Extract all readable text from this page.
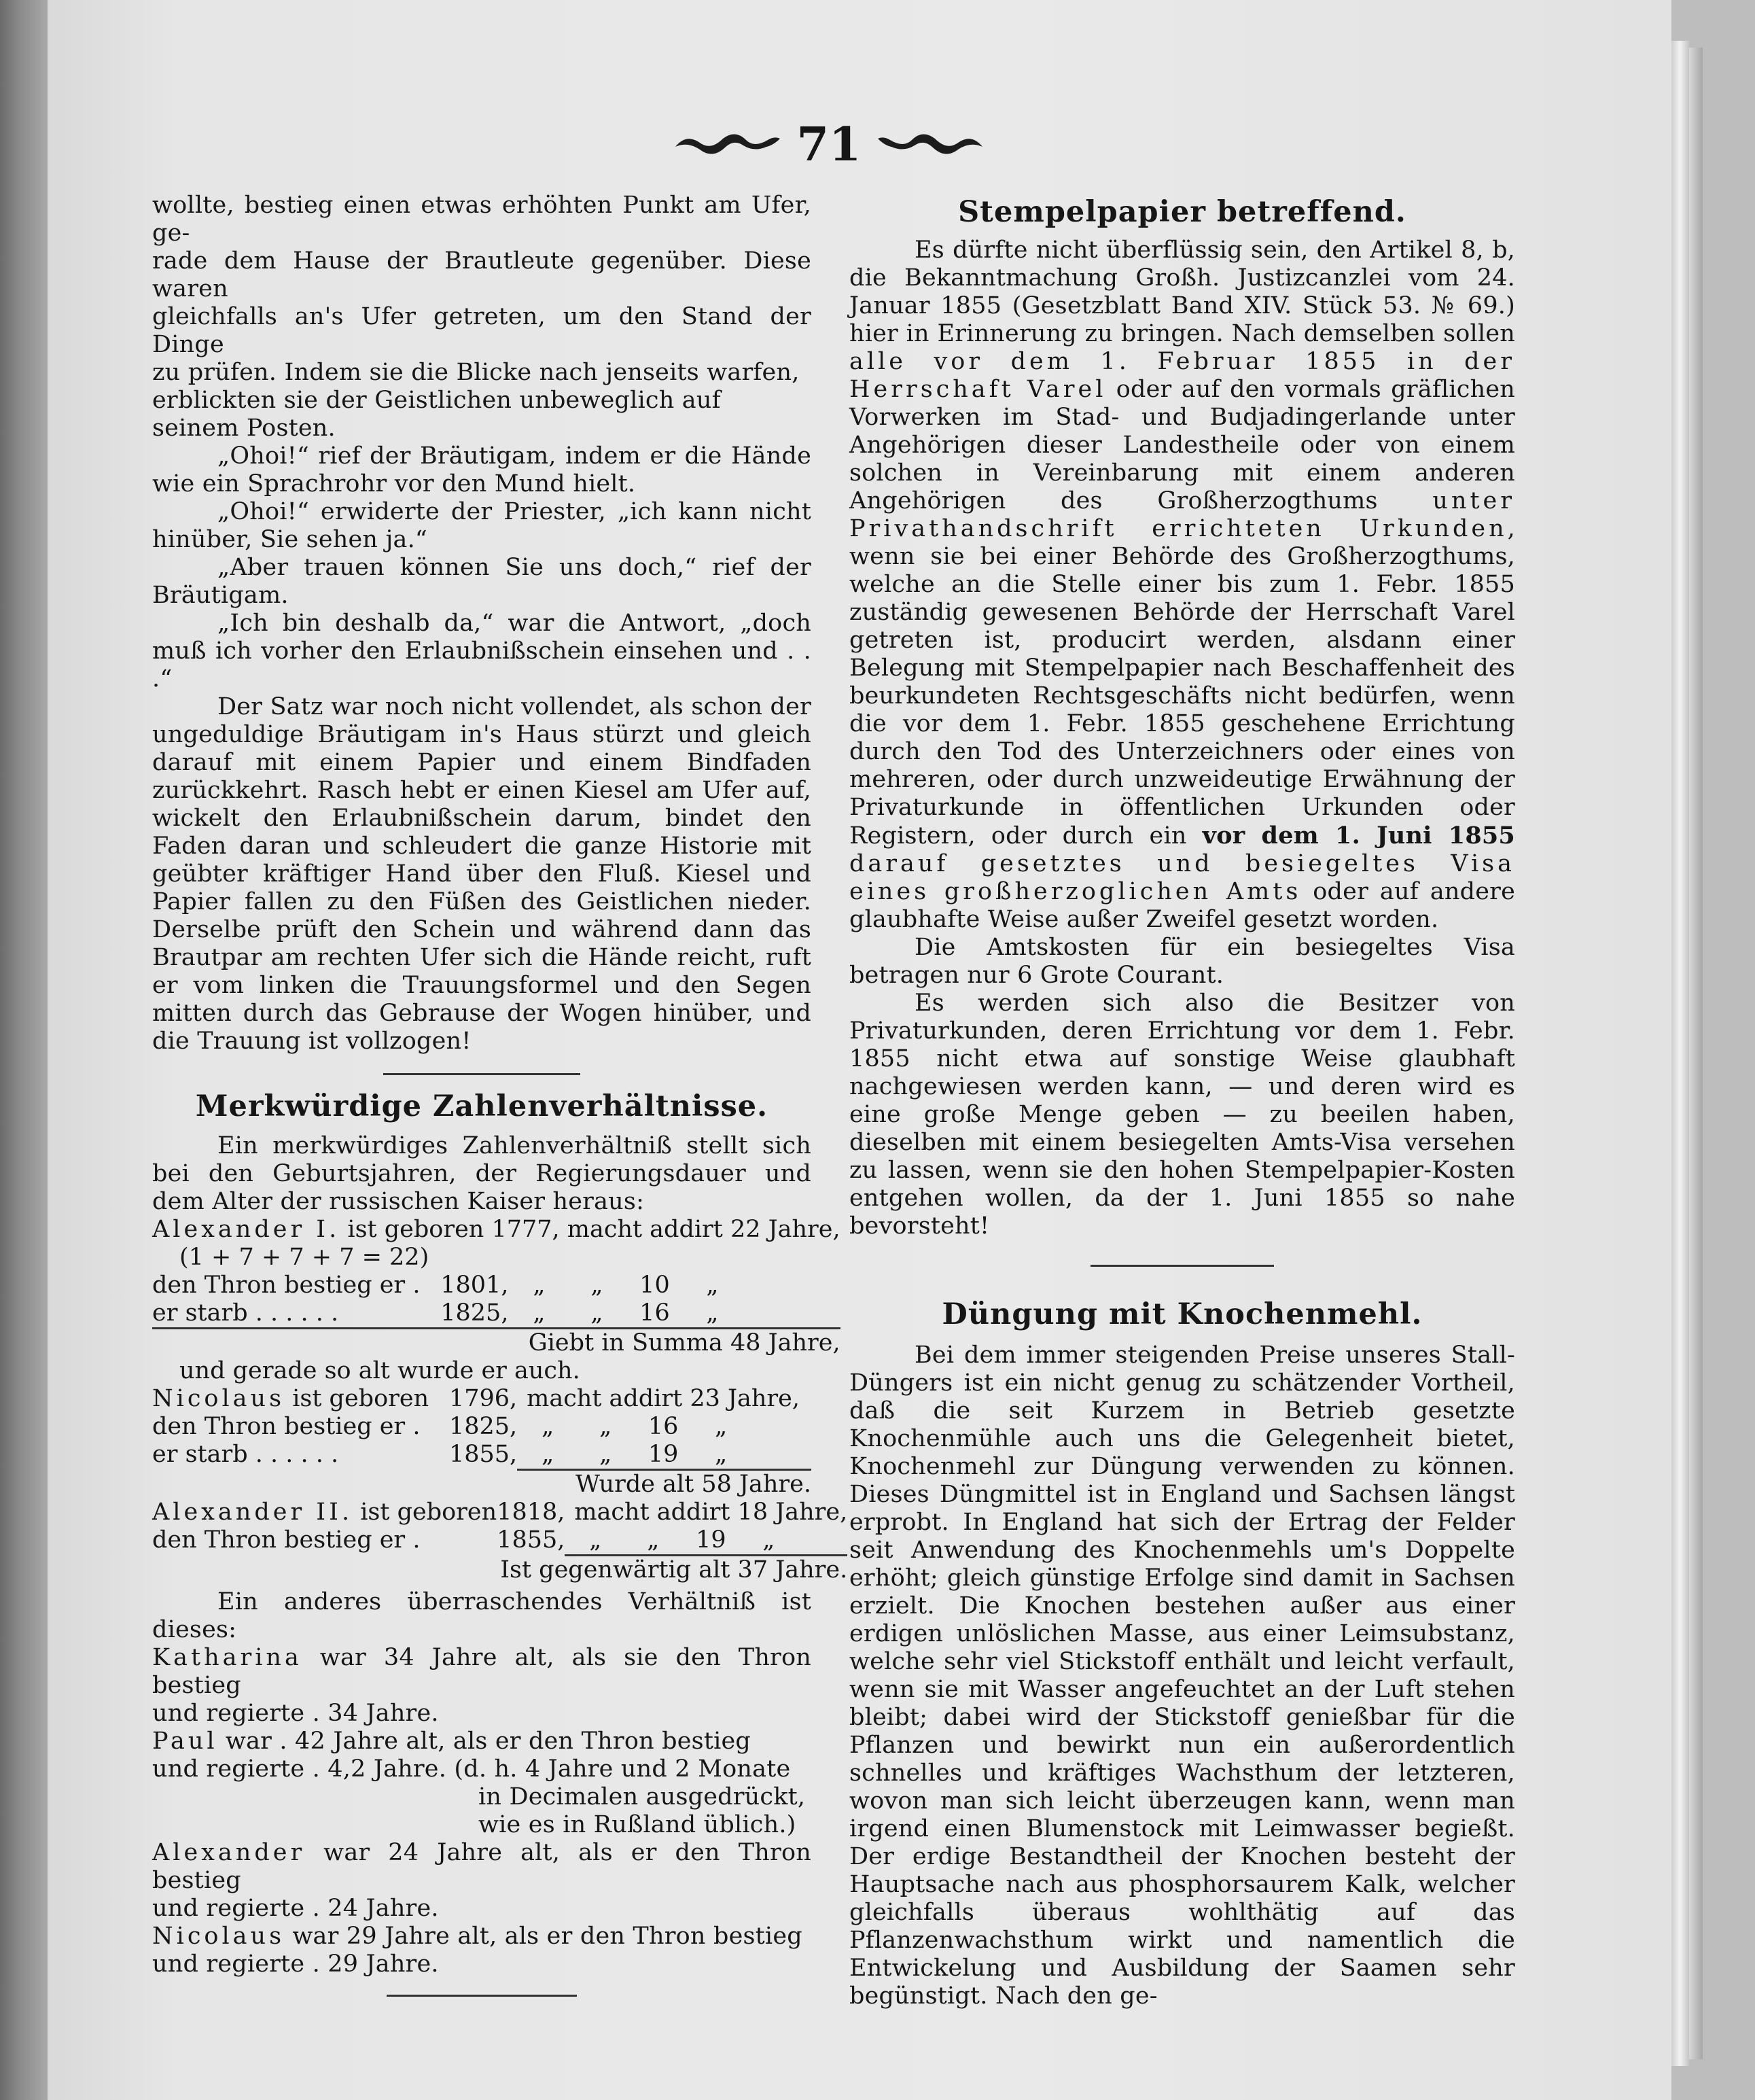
71

wollte, bestieg einen etwas erhöhten Punkt am Ufer, ge-

rade dem Hause der Brautleute gegenüber. Diese waren

gleichfalls an's Ufer getreten, um den Stand der Dinge

zu prüfen. Indem sie die Blicke nach jenseits warfen,

erblickten sie der Geistlichen unbeweglich auf seinem Posten.

„Ohoi!“ rief der Bräutigam, indem er die Hände wie ein Sprachrohr vor den Mund hielt.

„Ohoi!“ erwiderte der Priester, „ich kann nicht hinüber, Sie sehen ja.“

„Aber trauen können Sie uns doch,“ rief der Bräutigam.

„Ich bin deshalb da,“ war die Antwort, „doch muß ich vorher den Erlaubnißschein einsehen und . . .“

Der Satz war noch nicht vollendet, als schon der ungeduldige Bräutigam in's Haus stürzt und gleich darauf mit einem Papier und einem Bindfaden zurückkehrt. Rasch hebt er einen Kiesel am Ufer auf, wickelt den Erlaubnißschein darum, bindet den Faden daran und schleudert die ganze Historie mit geübter kräftiger Hand über den Fluß. Kiesel und Papier fallen zu den Füßen des Geistlichen nieder. Derselbe prüft den Schein und während dann das Brautpar am rechten Ufer sich die Hände reicht, ruft er vom linken die Trauungsformel und den Segen mitten durch das Gebrause der Wogen hinüber, und die Trauung ist vollzogen!

Merkwürdige Zahlenverhältnisse.

Ein merkwürdiges Zahlenverhältniß stellt sich bei den Geburtsjahren, der Regierungsdauer und dem Alter der russischen Kaiser heraus:

Alexander I. ist geboren 1777, macht addirt 22 Jahre,						
(1 + 7 + 7 + 7 = 22)						
den Thron bestieg er .	1801,	„	„	10	„	
er starb . . . . . .	1825,	„	„	16	„	
Giebt in Summa 48 Jahre,						
und gerade so alt wurde er auch.						
Nicolaus ist geboren	1796,	macht addirt 23 Jahre,				
den Thron bestieg er .	1825,	„	„	16	„	
er starb . . . . . .	1855,	„	„	19	„	
Wurde alt 58 Jahre.						
Alexander II. ist geboren	1818,	macht addirt 18 Jahre,				
den Thron bestieg er .	1855,	„	„	19	„	
Ist gegenwärtig alt 37 Jahre.						

Ein anderes überraschendes Verhältniß ist dieses:

Katharina war 34 Jahre alt, als sie den Thron bestieg

und regierte . 34 Jahre.

Paul war . 42 Jahre alt, als er den Thron bestieg

und regierte . 4,2 Jahre. (d. h. 4 Jahre und 2 Monate

in Decimalen ausgedrückt,

wie es in Rußland üblich.)

Alexander war 24 Jahre alt, als er den Thron bestieg

und regierte . 24 Jahre.

Nicolaus war 29 Jahre alt, als er den Thron bestieg

und regierte . 29 Jahre.

Stempelpapier betreffend.

Es dürfte nicht überflüssig sein, den Artikel 8, b, die Bekanntmachung Großh. Justizcanzlei vom 24. Januar 1855 (Gesetzblatt Band XIV. Stück 53. № 69.) hier in Erinnerung zu bringen. Nach demselben sollen alle vor dem 1. Februar 1855 in der Herrschaft Varel oder auf den vormals gräflichen Vorwerken im Stad- und Budjadingerlande unter Angehörigen dieser Landestheile oder von einem solchen in Vereinbarung mit einem anderen Angehörigen des Großherzogthums unter Privathandschrift errichteten Urkunden, wenn sie bei einer Behörde des Großherzogthums, welche an die Stelle einer bis zum 1. Febr. 1855 zuständig gewesenen Behörde der Herrschaft Varel getreten ist, producirt werden, alsdann einer Belegung mit Stempelpapier nach Beschaffenheit des beurkundeten Rechtsgeschäfts nicht bedürfen, wenn die vor dem 1. Febr. 1855 geschehene Errichtung durch den Tod des Unterzeichners oder eines von mehreren, oder durch unzweideutige Erwähnung der Privaturkunde in öffentlichen Urkunden oder Registern, oder durch ein vor dem 1. Juni 1855 darauf gesetztes und besiegeltes Visa eines großherzoglichen Amts oder auf andere glaubhafte Weise außer Zweifel gesetzt worden.

Die Amtskosten für ein besiegeltes Visa betragen nur 6 Grote Courant.

Es werden sich also die Besitzer von Privaturkunden, deren Errichtung vor dem 1. Febr. 1855 nicht etwa auf sonstige Weise glaubhaft nachgewiesen werden kann, — und deren wird es eine große Menge geben — zu beeilen haben, dieselben mit einem besiegelten Amts-Visa versehen zu lassen, wenn sie den hohen Stempelpapier-Kosten entgehen wollen, da der 1. Juni 1855 so nahe bevorsteht!

Düngung mit Knochenmehl.

Bei dem immer steigenden Preise unseres Stall-Düngers ist ein nicht genug zu schätzender Vortheil, daß die seit Kurzem in Betrieb gesetzte Knochenmühle auch uns die Gelegenheit bietet, Knochenmehl zur Düngung verwenden zu können. Dieses Düngmittel ist in England und Sachsen längst erprobt. In England hat sich der Ertrag der Felder seit Anwendung des Knochenmehls um's Doppelte erhöht; gleich günstige Erfolge sind damit in Sachsen erzielt. Die Knochen bestehen außer aus einer erdigen unlöslichen Masse, aus einer Leimsubstanz, welche sehr viel Stickstoff enthält und leicht verfault, wenn sie mit Wasser angefeuchtet an der Luft stehen bleibt; dabei wird der Stickstoff genießbar für die Pflanzen und bewirkt nun ein außerordentlich schnelles und kräftiges Wachsthum der letzteren, wovon man sich leicht überzeugen kann, wenn man irgend einen Blumenstock mit Leimwasser begießt. Der erdige Bestandtheil der Knochen besteht der Hauptsache nach aus phosphorsaurem Kalk, welcher gleichfalls überaus wohlthätig auf das Pflanzenwachsthum wirkt und namentlich die Entwickelung und Ausbildung der Saamen sehr begünstigt. Nach den ge-
